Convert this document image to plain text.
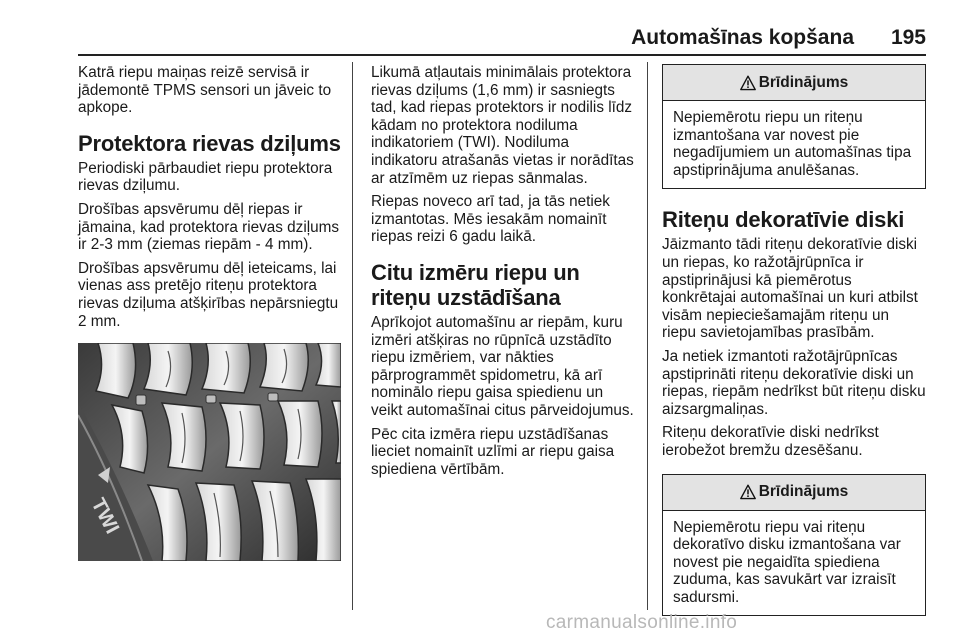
Automašīnas kopšana 195

Katrā riepu maiņas reizē servisā ir jādemontē TPMS sensori un jāveic to apkope.

Protektora rievas dziļums

Periodiski pārbaudiet riepu protektora rievas dziļumu.

Drošības apsvērumu dēļ riepas ir jāmaina, kad protektora rievas dziļums ir 2-3 mm (ziemas riepām - 4 mm).

Drošības apsvērumu dēļ ieteicams, lai vienas ass pretējo riteņu protektora rievas dziļuma atšķirības nepārsniegtu 2 mm.

TWI

Likumā atļautais minimālais protektora rievas dziļums (1,6 mm) ir sasniegts tad, kad riepas protektors ir nodilis līdz kādam no protektora nodiluma indikatoriem (TWI). Nodiluma indikatoru atrašanās vietas ir norādītas ar atzīmēm uz riepas sānmalas.

Riepas noveco arī tad, ja tās netiek izmantotas. Mēs iesakām nomainīt riepas reizi 6 gadu laikā.

Citu izmēru riepu un riteņu uzstādīšana

Aprīkojot automašīnu ar riepām, kuru izmēri atšķiras no rūpnīcā uzstādīto riepu izmēriem, var nākties pārprogrammēt spidometru, kā arī nominālo riepu gaisa spiedienu un veikt automašīnai citus pārveidojumus.

Pēc cita izmēra riepu uzstādīšanas lieciet nomainīt uzlīmi ar riepu gaisa spiediena vērtībām.

Brīdinājums
Nepiemērotu riepu un riteņu izmantošana var novest pie negadījumiem un automašīnas tipa apstiprinājuma anulēšanas.
Riteņu dekoratīvie diski

Jāizmanto tādi riteņu dekoratīvie diski un riepas, ko ražotājrūpnīca ir apstiprinājusi kā piemērotus konkrētajai automašīnai un kuri atbilst visām nepieciešamajām riteņu un riepu savietojamības prasībām.

Ja netiek izmantoti ražotājrūpnīcas apstiprināti riteņu dekoratīvie diski un riepas, riepām nedrīkst būt riteņu disku aizsargmaliņas.

Riteņu dekoratīvie diski nedrīkst ierobežot bremžu dzesēšanu.

Brīdinājums
Nepiemērotu riepu vai riteņu dekoratīvo disku izmantošana var novest pie negaidīta spiediena zuduma, kas savukārt var izraisīt sadursmi.
carmanualsonline.info
